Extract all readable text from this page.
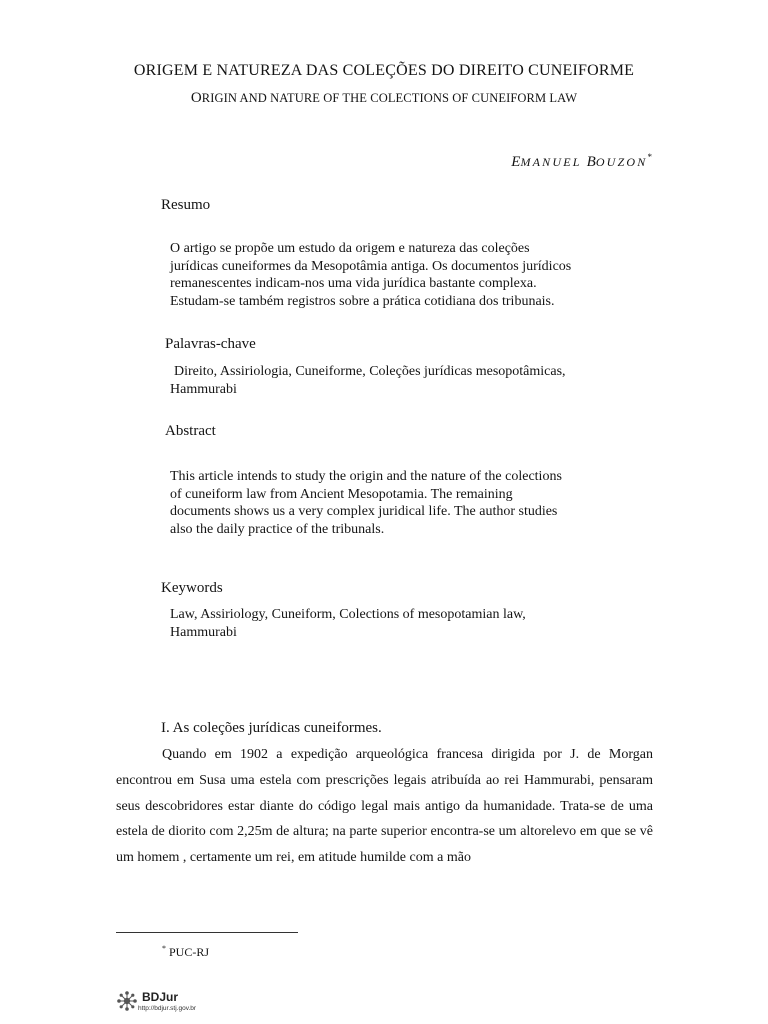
ORIGEM E NATUREZA DAS COLEÇÕES DO DIREITO CUNEIFORME
ORIGIN AND NATURE OF THE COLECTIONS OF CUNEIFORM LAW
EMANUEL BOUZON*
Resumo
O artigo se propõe um estudo da origem e natureza das coleções
jurídicas cuneiformes da Mesopotâmia antiga. Os documentos jurídicos
remanescentes indicam-nos uma vida jurídica bastante complexa.
Estudam-se também registros sobre a prática cotidiana dos tribunais.
Palavras-chave
Direito, Assiriologia, Cuneiforme, Coleções jurídicas mesopotâmicas,
Hammurabi
Abstract
This article intends to study the origin and the nature of the colections
of cuneiform law from Ancient Mesopotamia. The remaining
documents shows us a very complex juridical life. The author studies
also the daily practice of the tribunals.
Keywords
Law, Assiriology, Cuneiform, Colections of mesopotamian law,
Hammurabi
I. As coleções jurídicas cuneiformes.
Quando em 1902 a expedição arqueológica francesa dirigida por J. de Morgan encontrou em Susa uma estela com prescrições legais atribuída ao rei Hammurabi, pensaram seus descobridores estar diante do código legal mais antigo da humanidade. Trata-se de uma estela de diorito com 2,25m de altura; na parte superior encontra-se um altorelevo em que se vê um homem , certamente um rei, em atitude humilde com a mão
* PUC-RJ
BDJur
http://bdjur.stj.gov.br
